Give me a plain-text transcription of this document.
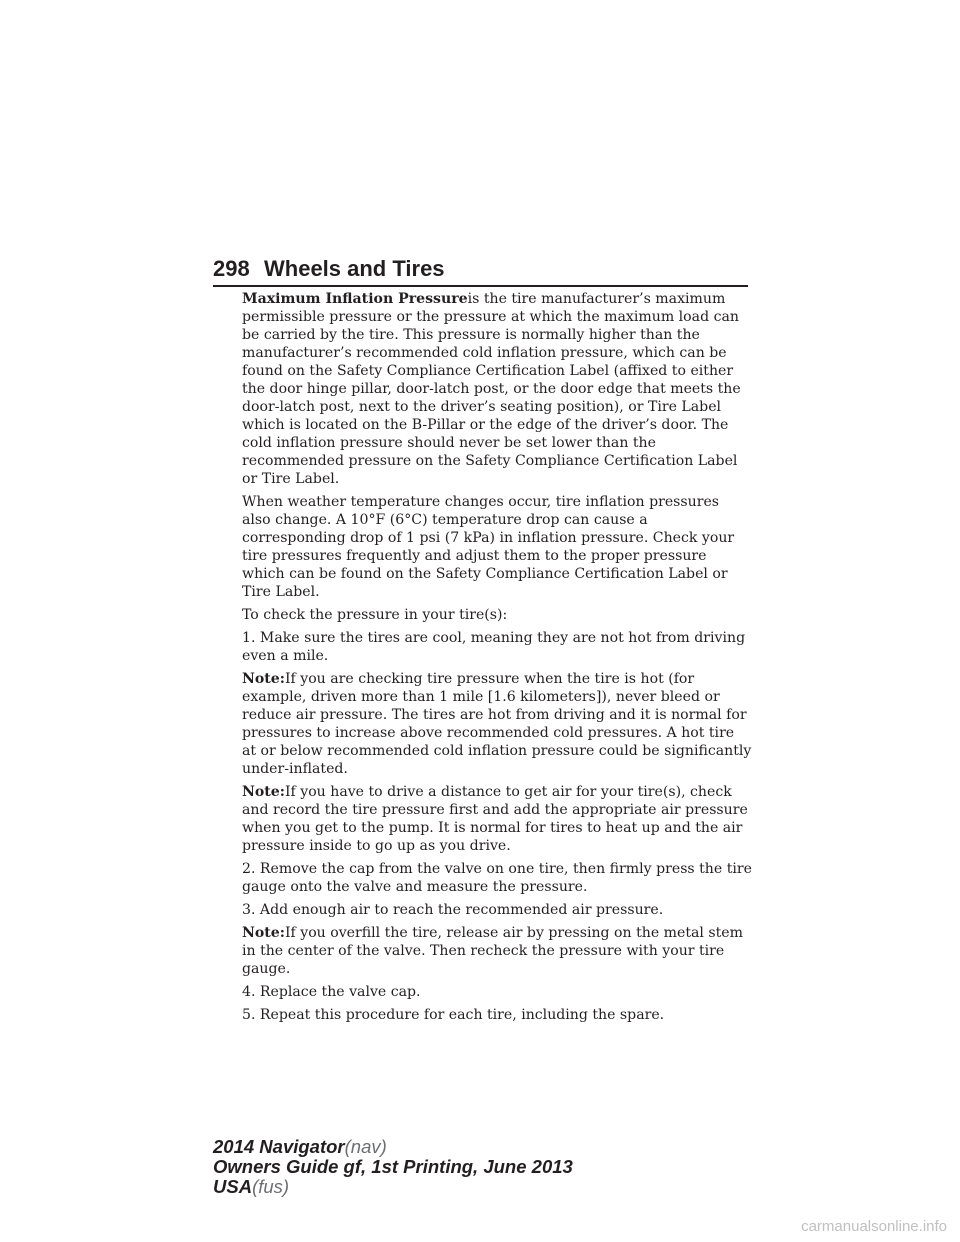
298 Wheels and Tires

Maximum Inflation Pressureis the tire manufacturer’s maximum permissible pressure or the pressure at which the maximum load can be carried by the tire. This pressure is normally higher than the manufacturer’s recommended cold inflation pressure, which can be found on the Safety Compliance Certification Label (affixed to either the door hinge pillar, door-latch post, or the door edge that meets the door-latch post, next to the driver’s seating position), or Tire Label which is located on the B-Pillar or the edge of the driver’s door. The cold inflation pressure should never be set lower than the recommended pressure on the Safety Compliance Certification Label or Tire Label.

When weather temperature changes occur, tire inflation pressures also change. A 10°F (6°C) temperature drop can cause a corresponding drop of 1 psi (7 kPa) in inflation pressure. Check your tire pressures frequently and adjust them to the proper pressure which can be found on the Safety Compliance Certification Label or Tire Label.

To check the pressure in your tire(s):

1. Make sure the tires are cool, meaning they are not hot from driving even a mile.

Note:If you are checking tire pressure when the tire is hot (for example, driven more than 1 mile [1.6 kilometers]), never bleed or reduce air pressure. The tires are hot from driving and it is normal for pressures to increase above recommended cold pressures. A hot tire at or below recommended cold inflation pressure could be significantly under-inflated.

Note:If you have to drive a distance to get air for your tire(s), check and record the tire pressure first and add the appropriate air pressure when you get to the pump. It is normal for tires to heat up and the air pressure inside to go up as you drive.

2. Remove the cap from the valve on one tire, then firmly press the tire gauge onto the valve and measure the pressure.

3. Add enough air to reach the recommended air pressure.

Note:If you overfill the tire, release air by pressing on the metal stem in the center of the valve. Then recheck the pressure with your tire gauge.

4. Replace the valve cap.

5. Repeat this procedure for each tire, including the spare.

2014 Navigator(nav)
Owners Guide gf, 1st Printing, June 2013
USA(fus)
carmanualsonline.info
